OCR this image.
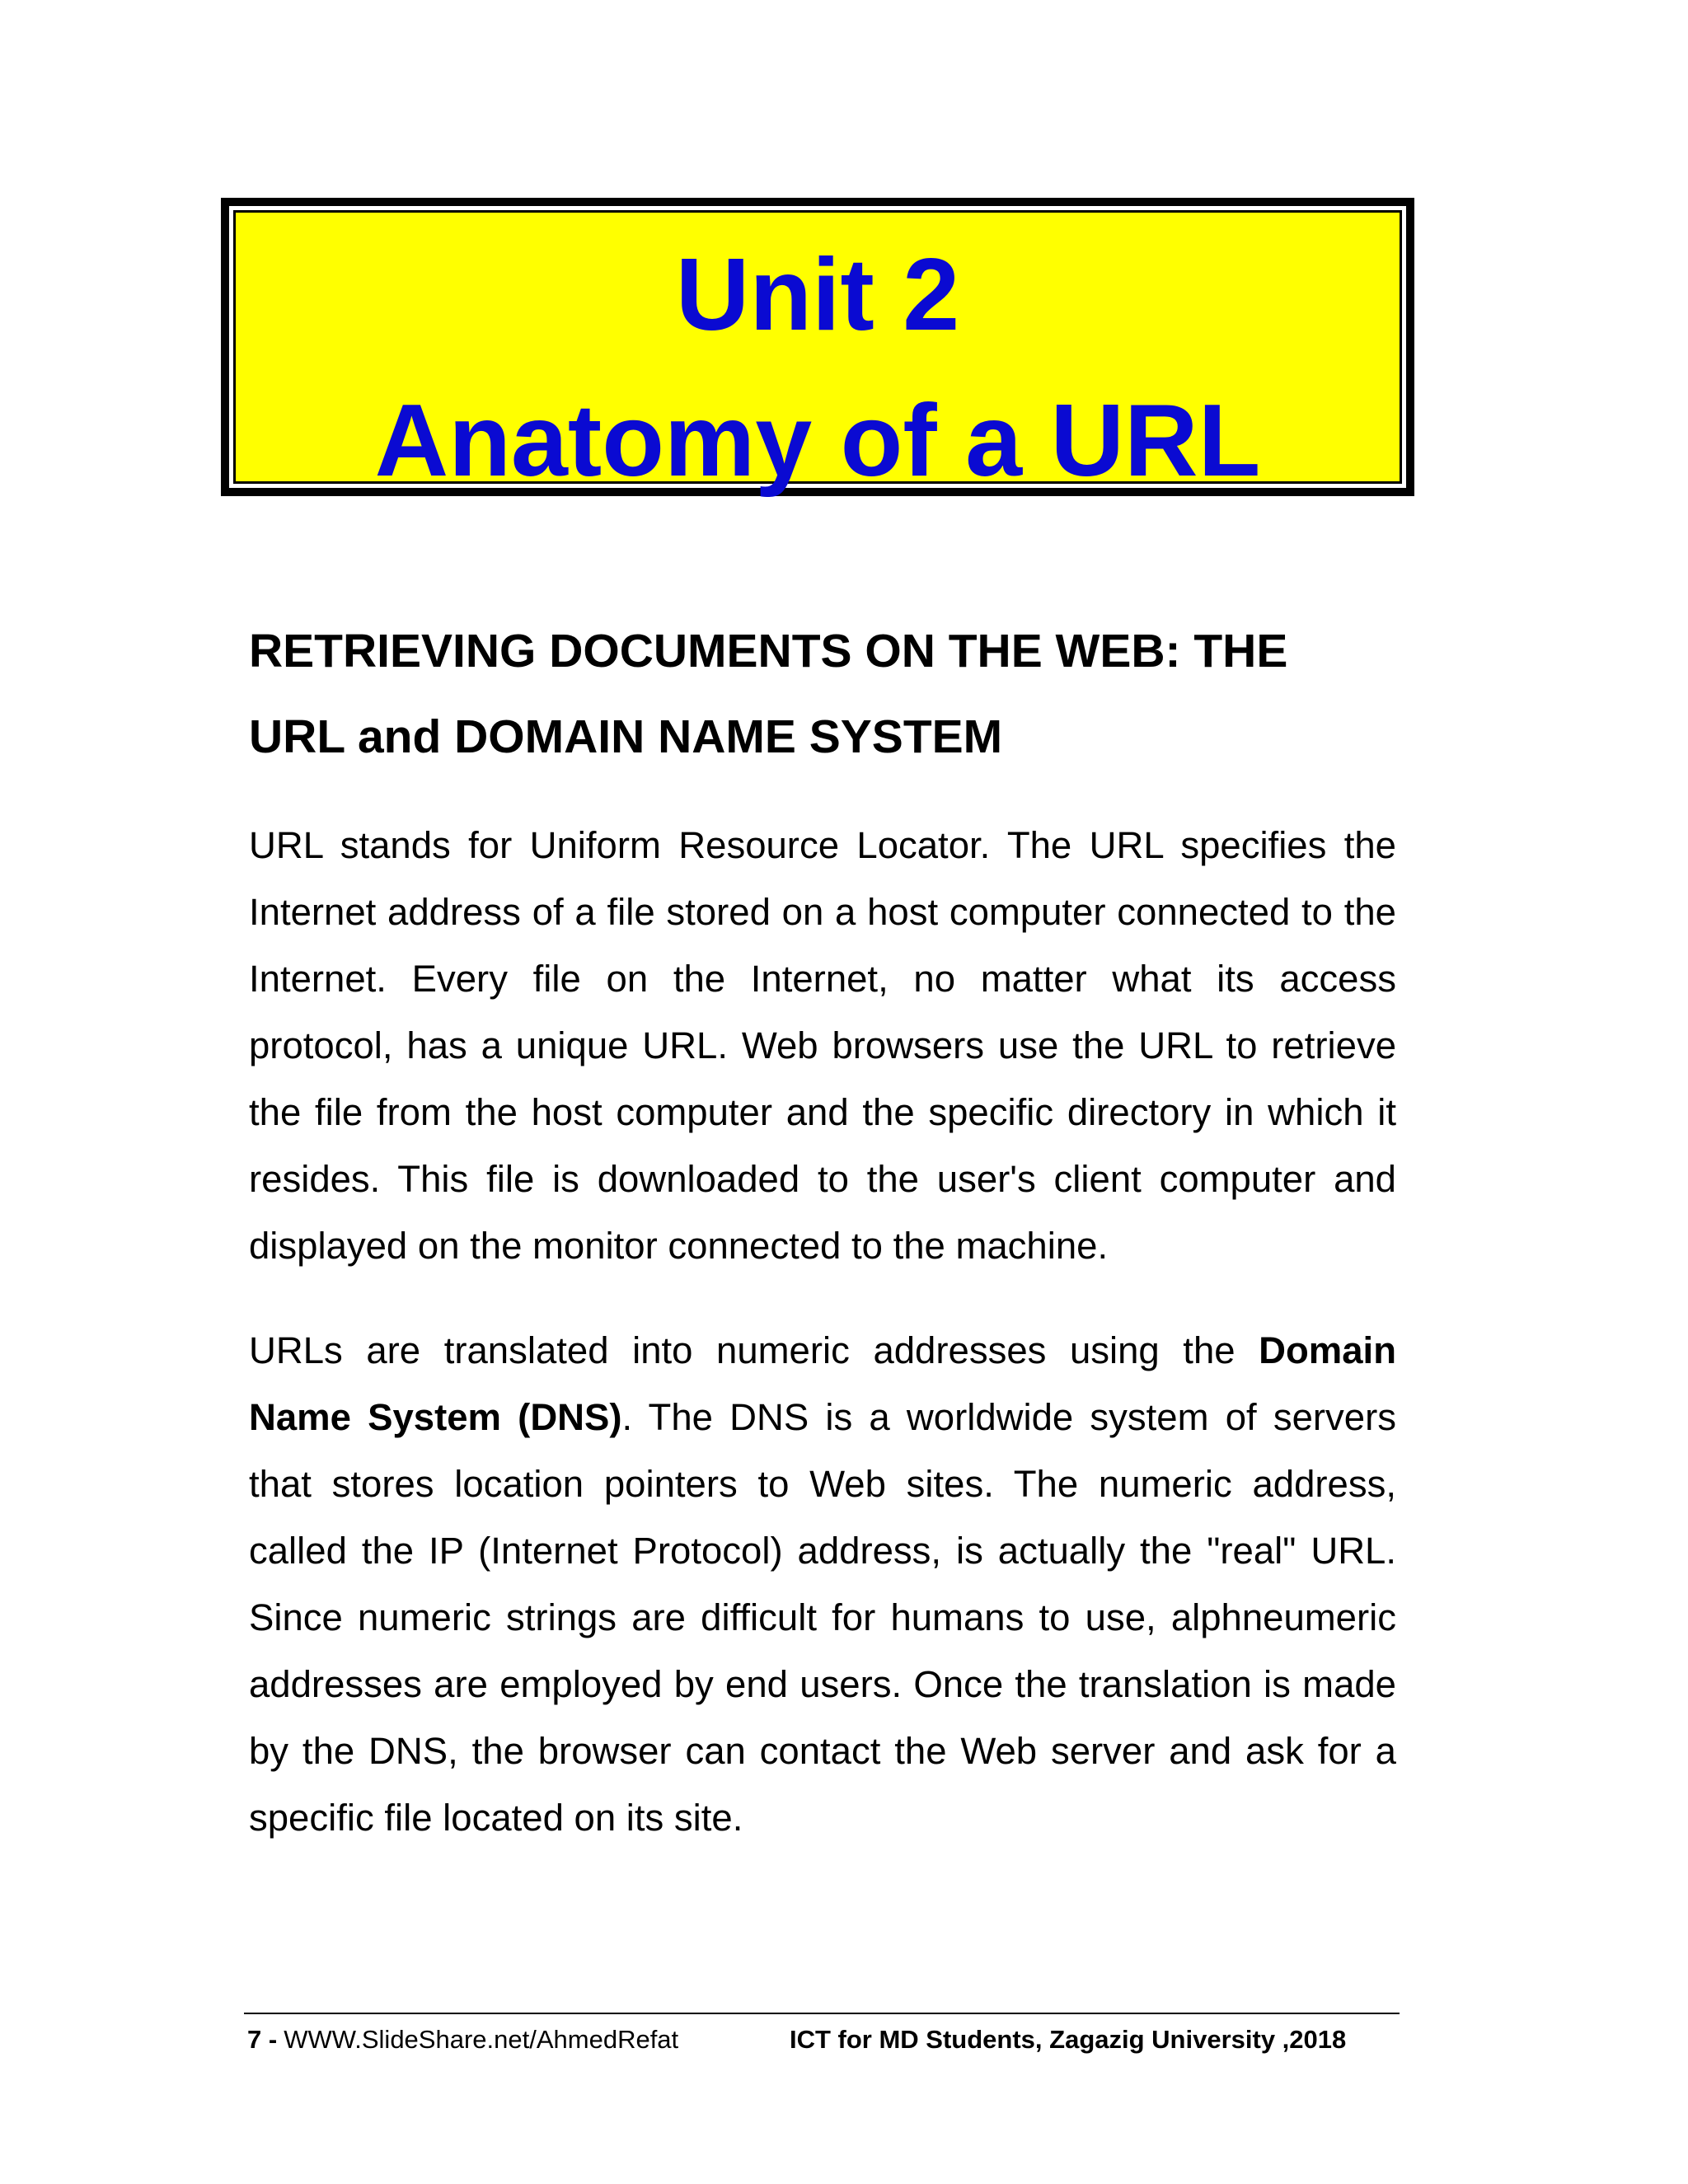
Unit 2
Anatomy of a URL
RETRIEVING DOCUMENTS ON THE WEB: THE
URL and DOMAIN NAME SYSTEM

URL stands for Uniform Resource Locator. The URL specifies the Internet address of a file stored on a host computer connected to the Internet. Every file on the Internet, no matter what its access protocol, has a unique URL. Web browsers use the URL to retrieve the file from the host computer and the specific directory in which it resides. This file is downloaded to the user's client computer and displayed on the monitor connected to the machine.

URLs are translated into numeric addresses using the Domain Name System (DNS). The DNS is a worldwide system of servers that stores location pointers to Web sites. The numeric address, called the IP (Internet Protocol) address, is actually the "real" URL. Since numeric strings are difficult for humans to use, alphneumeric addresses are employed by end users. Once the translation is made by the DNS, the browser can contact the Web server and ask for a specific file located on its site.

7 - WWW.SlideShare.net/AhmedRefat	ICT for MD Students, Zagazig University ,2018
